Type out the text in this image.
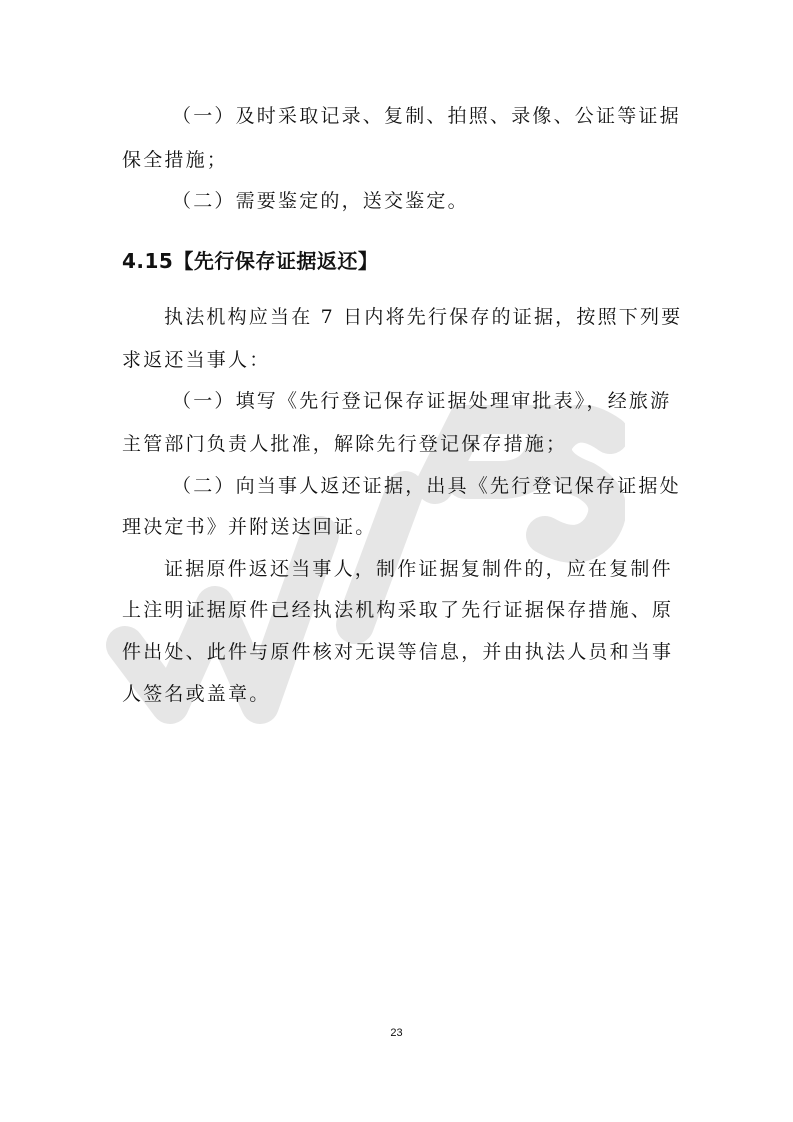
（一）及时采取记录、复制、拍照、录像、公证等证据
保全措施；
（二）需要鉴定的，送交鉴定。
4.15【先行保存证据返还】
执法机构应当在 7 日内将先行保存的证据，按照下列要
求返还当事人：
（一）填写《先行登记保存证据处理审批表》，经旅游
主管部门负责人批准，解除先行登记保存措施；
（二）向当事人返还证据，出具《先行登记保存证据处
理决定书》并附送达回证。
证据原件返还当事人，制作证据复制件的，应在复制件
上注明证据原件已经执法机构采取了先行证据保存措施、原
件出处、此件与原件核对无误等信息，并由执法人员和当事
人签名或盖章。
23
